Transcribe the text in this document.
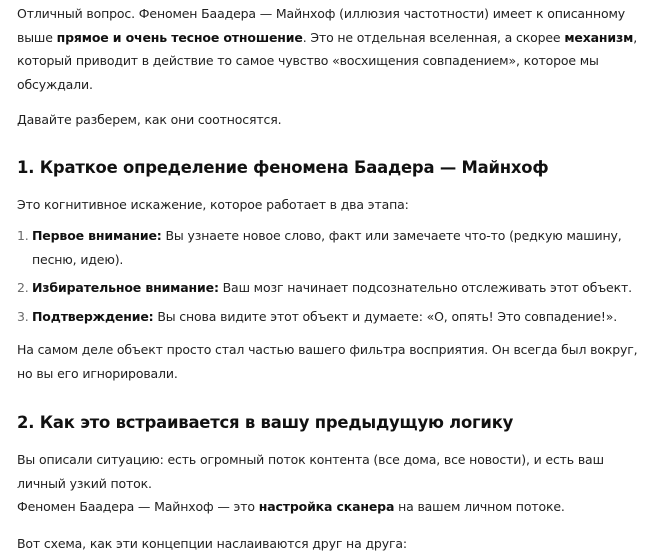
Отличный вопрос. Феномен Баадера — Майнхоф (иллюзия частотности) имеет к описанному выше прямое и очень тесное отношение. Это не отдельная вселенная, а скорее механизм, который приводит в действие то самое чувство «восхищения совпадением», которое мы обсуждали.

Давайте разберем, как они соотносятся.

1. Краткое определение феномена Баадера — Майнхоф

Это когнитивное искажение, которое работает в два этапа:

1. Первое внимание: Вы узнаете новое слово, факт или замечаете что-то (редкую машину, песню, идею).
2. Избирательное внимание: Ваш мозг начинает подсознательно отслеживать этот объект.
3. Подтверждение: Вы снова видите этот объект и думаете: «О, опять! Это совпадение!».

На самом деле объект просто стал частью вашего фильтра восприятия. Он всегда был вокруг, но вы его игнорировали.

2. Как это встраивается в вашу предыдущую логику

Вы описали ситуацию: есть огромный поток контента (все дома, все новости), и есть ваш личный узкий поток.

Феномен Баадера — Майнхоф — это настройка сканера на вашем личном потоке.

Вот схема, как эти концепции наслаиваются друг на друга:
